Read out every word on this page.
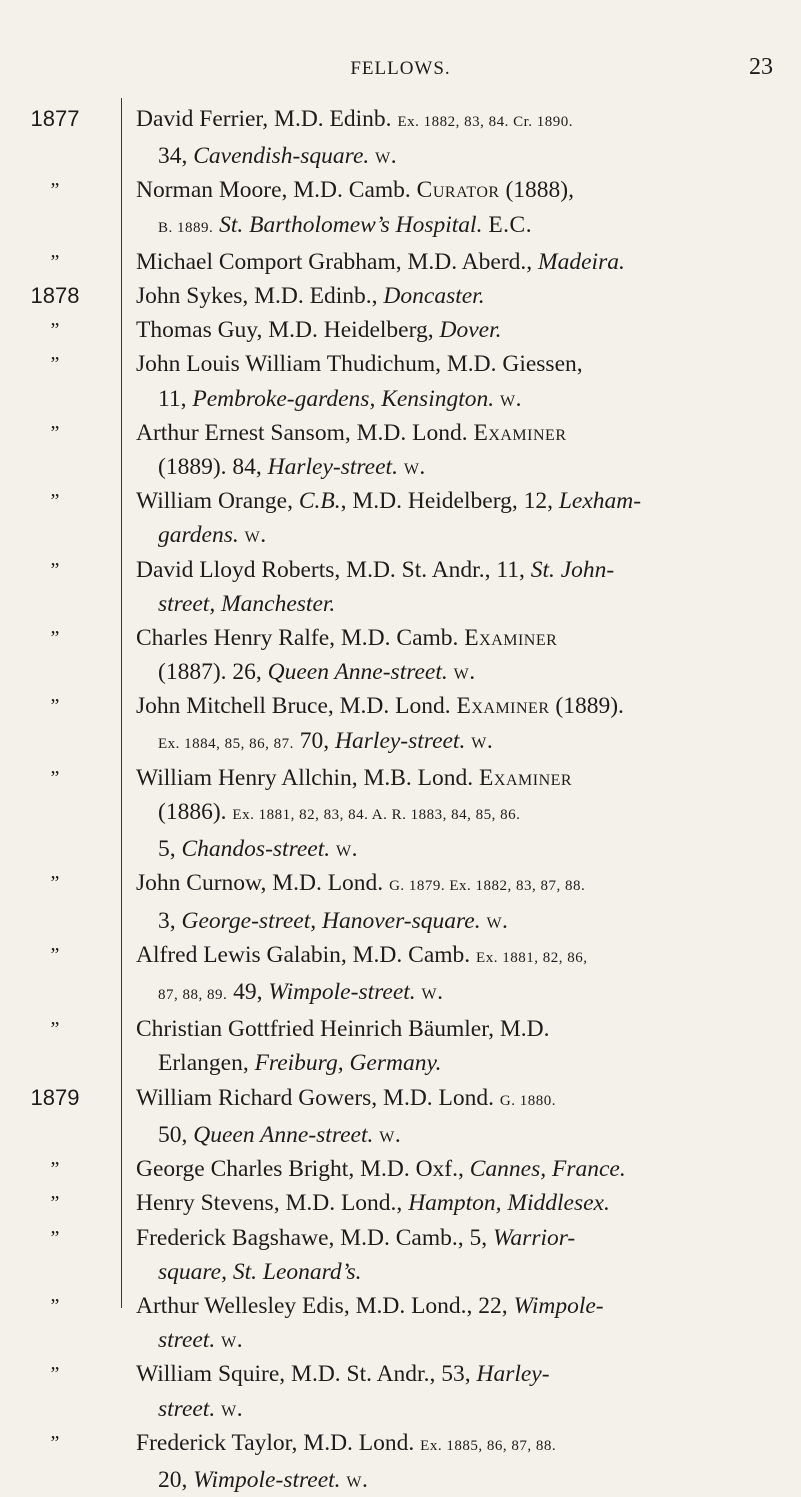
FELLOWS.	23
1877	David Ferrier, M.D. Edinb. Ex. 1882, 83, 84. Cr. 1890.
34, Cavendish-square. w.
”	Norman Moore, M.D. Camb. Curator (1888),
B. 1889. St. Bartholomew’s Hospital. E.C.
”	Michael Comport Grabham, M.D. Aberd., Madeira.
1878	John Sykes, M.D. Edinb., Doncaster.
”	Thomas Guy, M.D. Heidelberg, Dover.
”	John Louis William Thudichum, M.D. Giessen,
11, Pembroke-gardens, Kensington. w.
”	Arthur Ernest Sansom, M.D. Lond. Examiner
(1889). 84, Harley-street. w.
”	William Orange, C.B., M.D. Heidelberg, 12, Lexham-
gardens. w.
”	David Lloyd Roberts, M.D. St. Andr., 11, St. John-
street, Manchester.
”	Charles Henry Ralfe, M.D. Camb. Examiner
(1887). 26, Queen Anne-street. w.
”	John Mitchell Bruce, M.D. Lond. Examiner (1889).
Ex. 1884, 85, 86, 87. 70, Harley-street. w.
”	William Henry Allchin, M.B. Lond. Examiner
(1886). Ex. 1881, 82, 83, 84. A. R. 1883, 84, 85, 86.
5, Chandos-street. w.
”	John Curnow, M.D. Lond. G. 1879. Ex. 1882, 83, 87, 88.
3, George-street, Hanover-square. w.
”	Alfred Lewis Galabin, M.D. Camb. Ex. 1881, 82, 86,
87, 88, 89. 49, Wimpole-street. w.
”	Christian Gottfried Heinrich Bäumler, M.D.
Erlangen, Freiburg, Germany.
1879	William Richard Gowers, M.D. Lond. G. 1880.
50, Queen Anne-street. w.
”	George Charles Bright, M.D. Oxf., Cannes, France.
”	Henry Stevens, M.D. Lond., Hampton, Middlesex.
”	Frederick Bagshawe, M.D. Camb., 5, Warrior-
square, St. Leonard’s.
”	Arthur Wellesley Edis, M.D. Lond., 22, Wimpole-
street. w.
”	William Squire, M.D. St. Andr., 53, Harley-
street. w.
”	Frederick Taylor, M.D. Lond. Ex. 1885, 86, 87, 88.
20, Wimpole-street. w.
